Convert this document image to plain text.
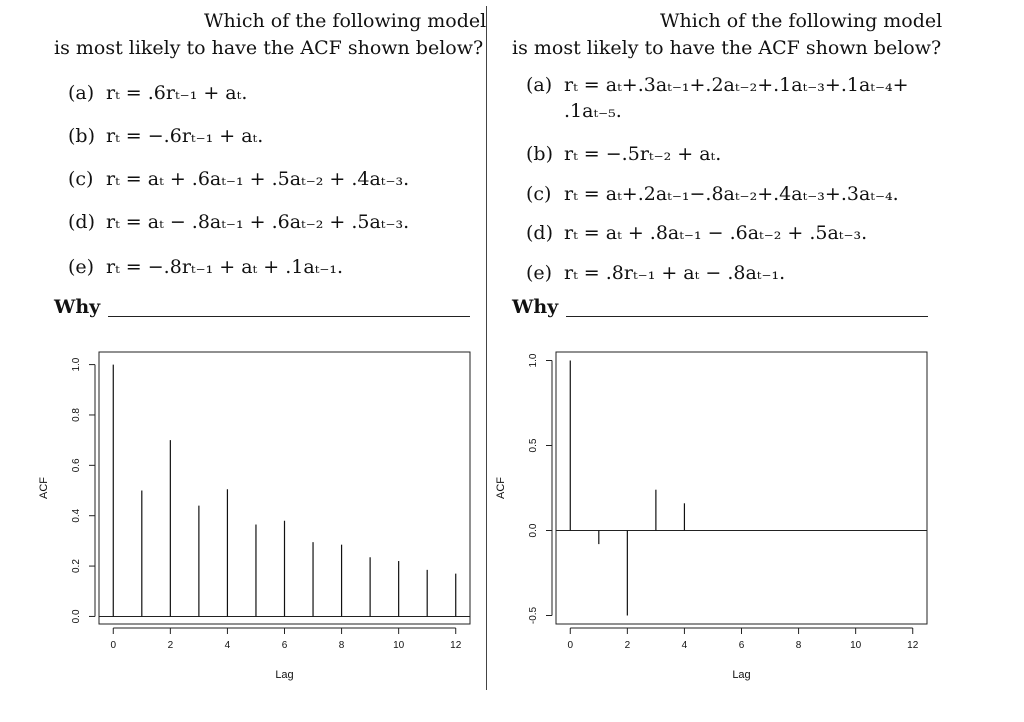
Which of the following model
is most likely to have the ACF shown below?
(a) rₜ = .6rₜ₋₁ + aₜ.
(b) rₜ = −.6rₜ₋₁ + aₜ.
(c) rₜ = aₜ + .6aₜ₋₁ + .5aₜ₋₂ + .4aₜ₋₃.
(d) rₜ = aₜ − .8aₜ₋₁ + .6aₜ₋₂ + .5aₜ₋₃.
(e) rₜ = −.8rₜ₋₁ + aₜ + .1aₜ₋₁.
Why
0	2	4	6	8	10	12
0.0
0.2
0.4
0.6
0.8
1.0
Lag
ACF
Which of the following model
is most likely to have the ACF shown below?
(a) rₜ = aₜ+.3aₜ₋₁+.2aₜ₋₂+.1aₜ₋₃+.1aₜ₋₄+
.1aₜ₋₅.
(b) rₜ = −.5rₜ₋₂ + aₜ.
(c) rₜ = aₜ+.2aₜ₋₁−.8aₜ₋₂+.4aₜ₋₃+.3aₜ₋₄.
(d) rₜ = aₜ + .8aₜ₋₁ − .6aₜ₋₂ + .5aₜ₋₃.
(e) rₜ = .8rₜ₋₁ + aₜ − .8aₜ₋₁.
Why
0	2	4	6	8	10	12
-0.5
0.0
0.5
1.0
Lag
ACF
